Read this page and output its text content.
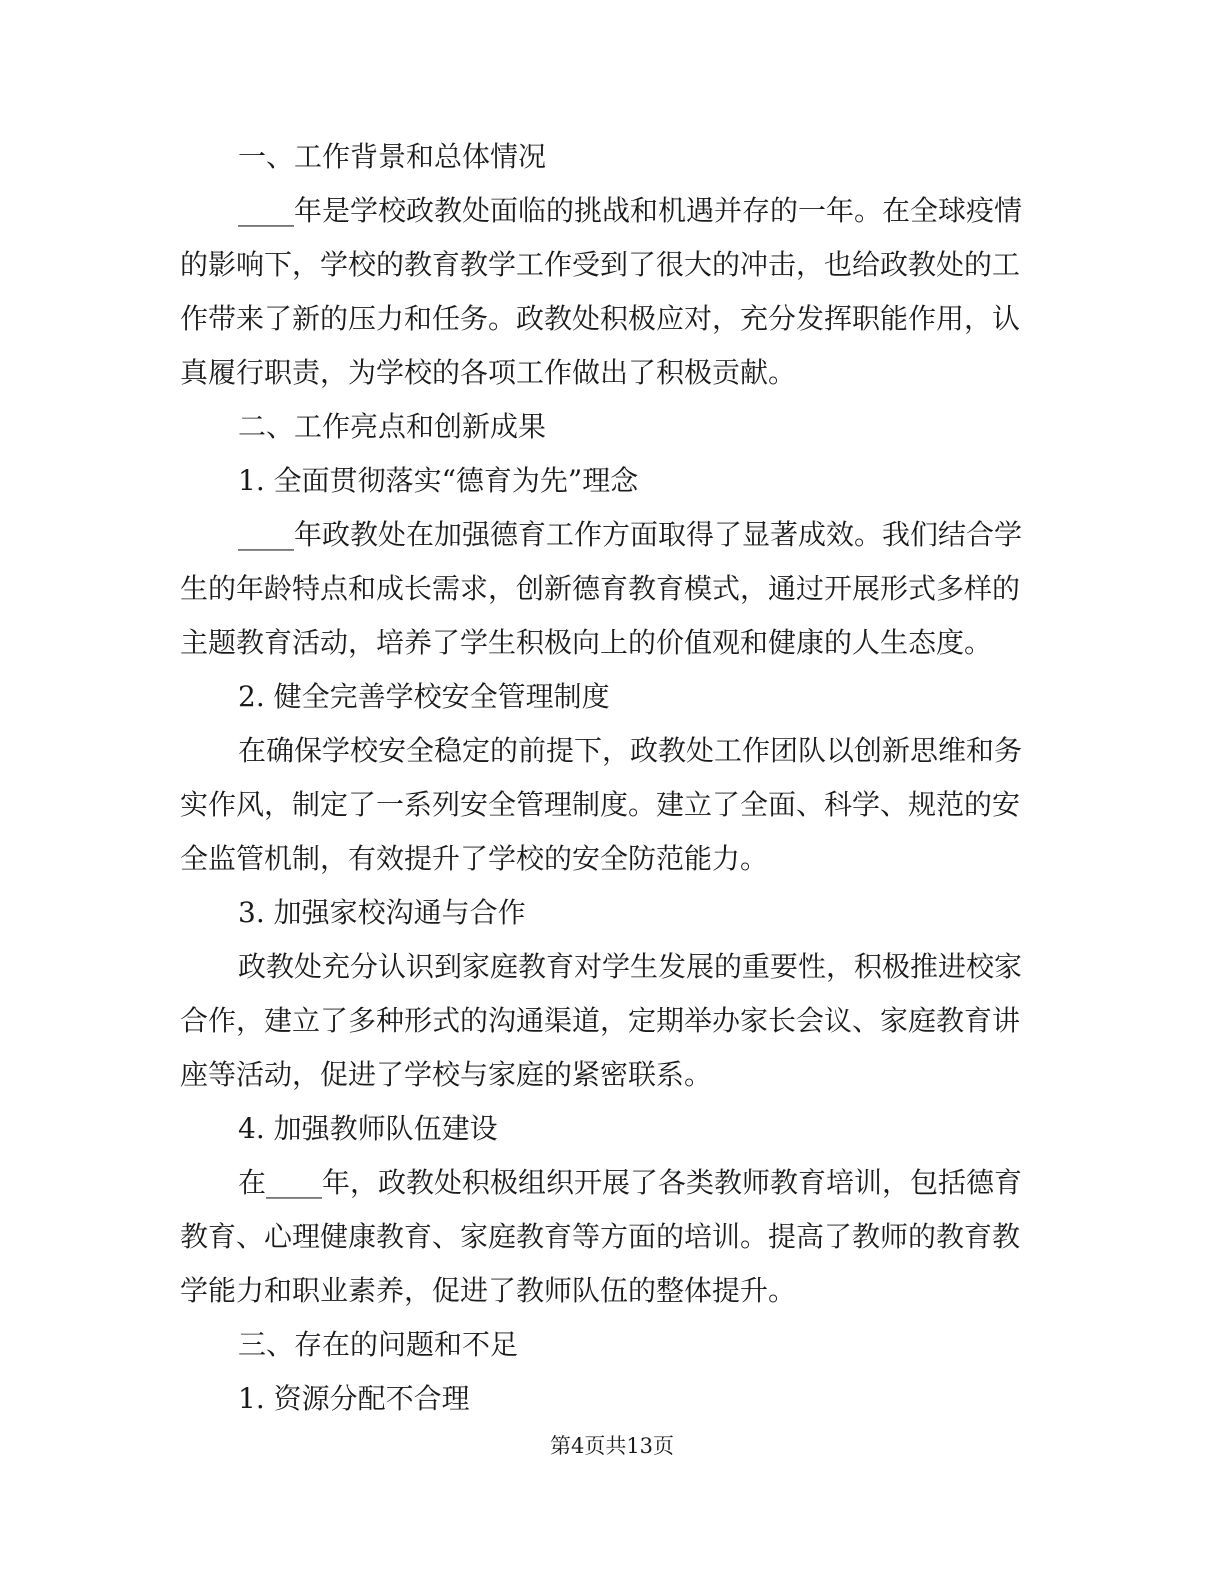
一、工作背景和总体情况
____年是学校政教处面临的挑战和机遇并存的一年。在全球疫情
的影响下，学校的教育教学工作受到了很大的冲击，也给政教处的工
作带来了新的压力和任务。政教处积极应对，充分发挥职能作用，认
真履行职责，为学校的各项工作做出了积极贡献。
二、工作亮点和创新成果
1. 全面贯彻落实“德育为先”理念
____年政教处在加强德育工作方面取得了显著成效。我们结合学
生的年龄特点和成长需求，创新德育教育模式，通过开展形式多样的
主题教育活动，培养了学生积极向上的价值观和健康的人生态度。
2. 健全完善学校安全管理制度
在确保学校安全稳定的前提下，政教处工作团队以创新思维和务
实作风，制定了一系列安全管理制度。建立了全面、科学、规范的安
全监管机制，有效提升了学校的安全防范能力。
3. 加强家校沟通与合作
政教处充分认识到家庭教育对学生发展的重要性，积极推进校家
合作，建立了多种形式的沟通渠道，定期举办家长会议、家庭教育讲
座等活动，促进了学校与家庭的紧密联系。
4. 加强教师队伍建设
在____年，政教处积极组织开展了各类教师教育培训，包括德育
教育、心理健康教育、家庭教育等方面的培训。提高了教师的教育教
学能力和职业素养，促进了教师队伍的整体提升。
三、存在的问题和不足
1. 资源分配不合理
第4页共13页
